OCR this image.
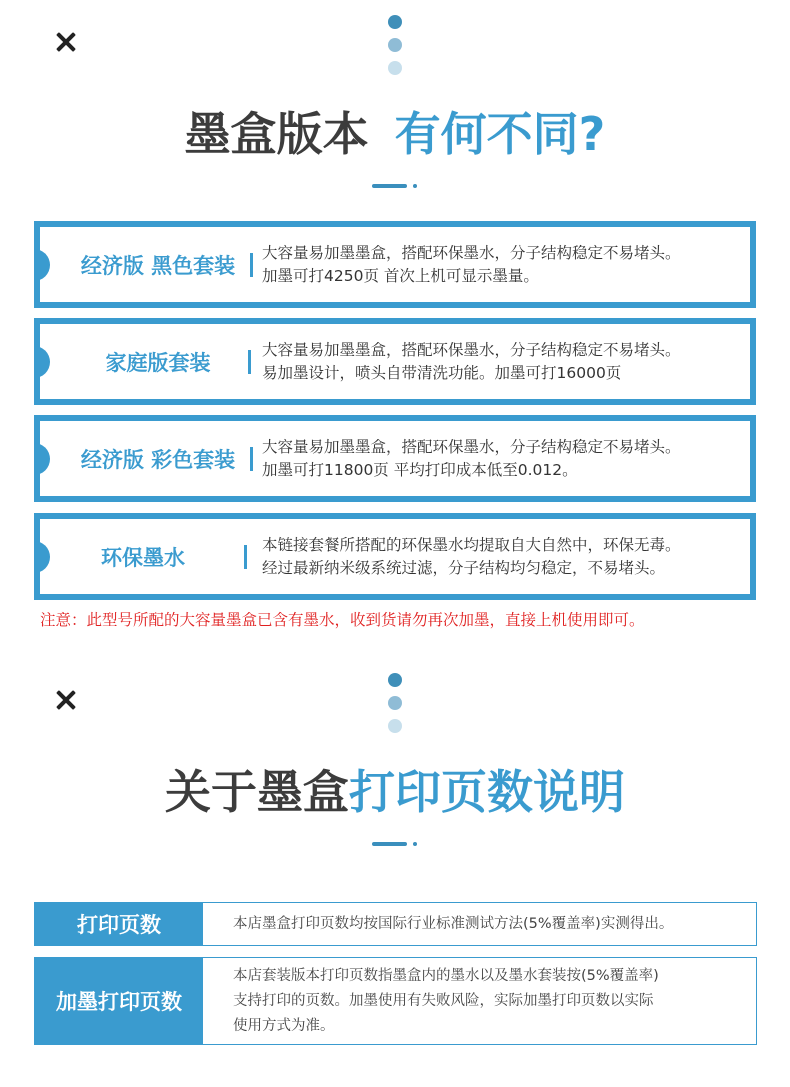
墨盒版本 有何不同?
经济版 黑色套装
大容量易加墨墨盒，搭配环保墨水，分子结构稳定不易堵头。
加墨可打4250页 首次上机可显示墨量。
家庭版套装
大容量易加墨墨盒，搭配环保墨水，分子结构稳定不易堵头。
易加墨设计，喷头自带清洗功能。加墨可打16000页
经济版 彩色套装
大容量易加墨墨盒，搭配环保墨水，分子结构稳定不易堵头。
加墨可打11800页 平均打印成本低至0.012。
环保墨水
本链接套餐所搭配的环保墨水均提取自大自然中，环保无毒。
经过最新纳米级系统过滤，分子结构均匀稳定，不易堵头。
注意：此型号所配的大容量墨盒已含有墨水，收到货请勿再次加墨，直接上机使用即可。
关于墨盒打印页数说明
打印页数	本店墨盒打印页数均按国际行业标准测试方法(5%覆盖率)实测得出。
加墨打印页数
本店套装版本打印页数指墨盒内的墨水以及墨水套装按(5%覆盖率)
支持打印的页数。加墨使用有失败风险，实际加墨打印页数以实际
使用方式为准。
